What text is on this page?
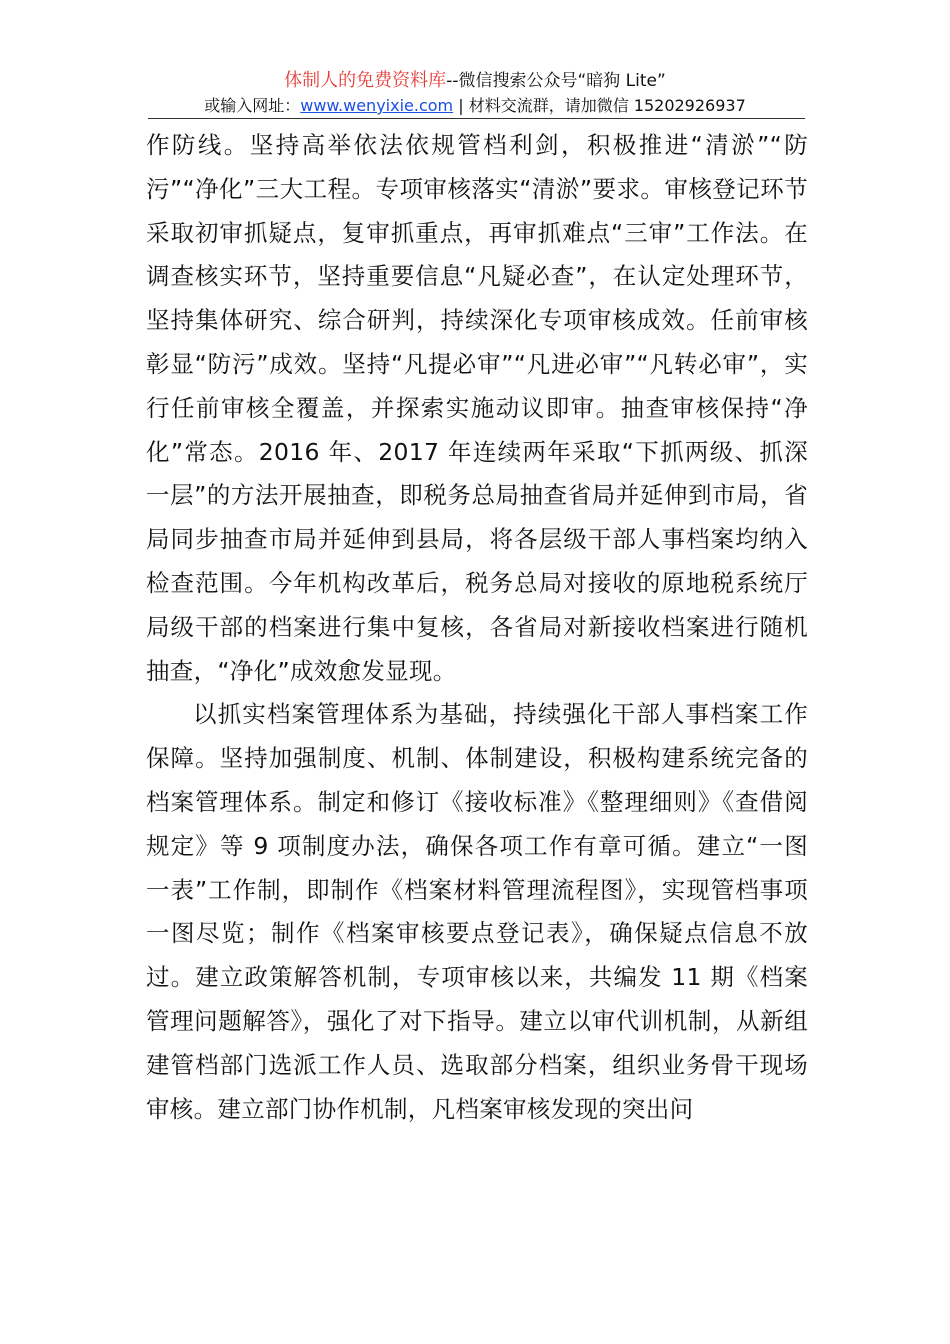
体制人的免费资料库--微信搜索公众号“暗狗 Lite”
或输入网址：www.wenyixie.com | 材料交流群，请加微信 15202926937

作防线。坚持高举依法依规管档利剑，积极推进“清淤”“防污”“净化”三大工程。专项审核落实“清淤”要求。审核登记环节采取初审抓疑点，复审抓重点，再审抓难点“三审”工作法。在调查核实环节，坚持重要信息“凡疑必查”，在认定处理环节，坚持集体研究、综合研判，持续深化专项审核成效。任前审核彰显“防污”成效。坚持“凡提必审”“凡进必审”“凡转必审”，实行任前审核全覆盖，并探索实施动议即审。抽查审核保持“净化”常态。2016 年、2017 年连续两年采取“下抓两级、抓深一层”的方法开展抽查，即税务总局抽查省局并延伸到市局，省局同步抽查市局并延伸到县局，将各层级干部人事档案均纳入检查范围。今年机构改革后，税务总局对接收的原地税系统厅局级干部的档案进行集中复核，各省局对新接收档案进行随机抽查，“净化”成效愈发显现。

以抓实档案管理体系为基础，持续强化干部人事档案工作保障。坚持加强制度、机制、体制建设，积极构建系统完备的档案管理体系。制定和修订《接收标准》《整理细则》《查借阅规定》等 9 项制度办法，确保各项工作有章可循。建立“一图一表”工作制，即制作《档案材料管理流程图》，实现管档事项一图尽览；制作《档案审核要点登记表》，确保疑点信息不放过。建立政策解答机制，专项审核以来，共编发 11 期《档案管理问题解答》，强化了对下指导。建立以审代训机制，从新组建管档部门选派工作人员、选取部分档案，组织业务骨干现场审核。建立部门协作机制，凡档案审核发现的突出问
